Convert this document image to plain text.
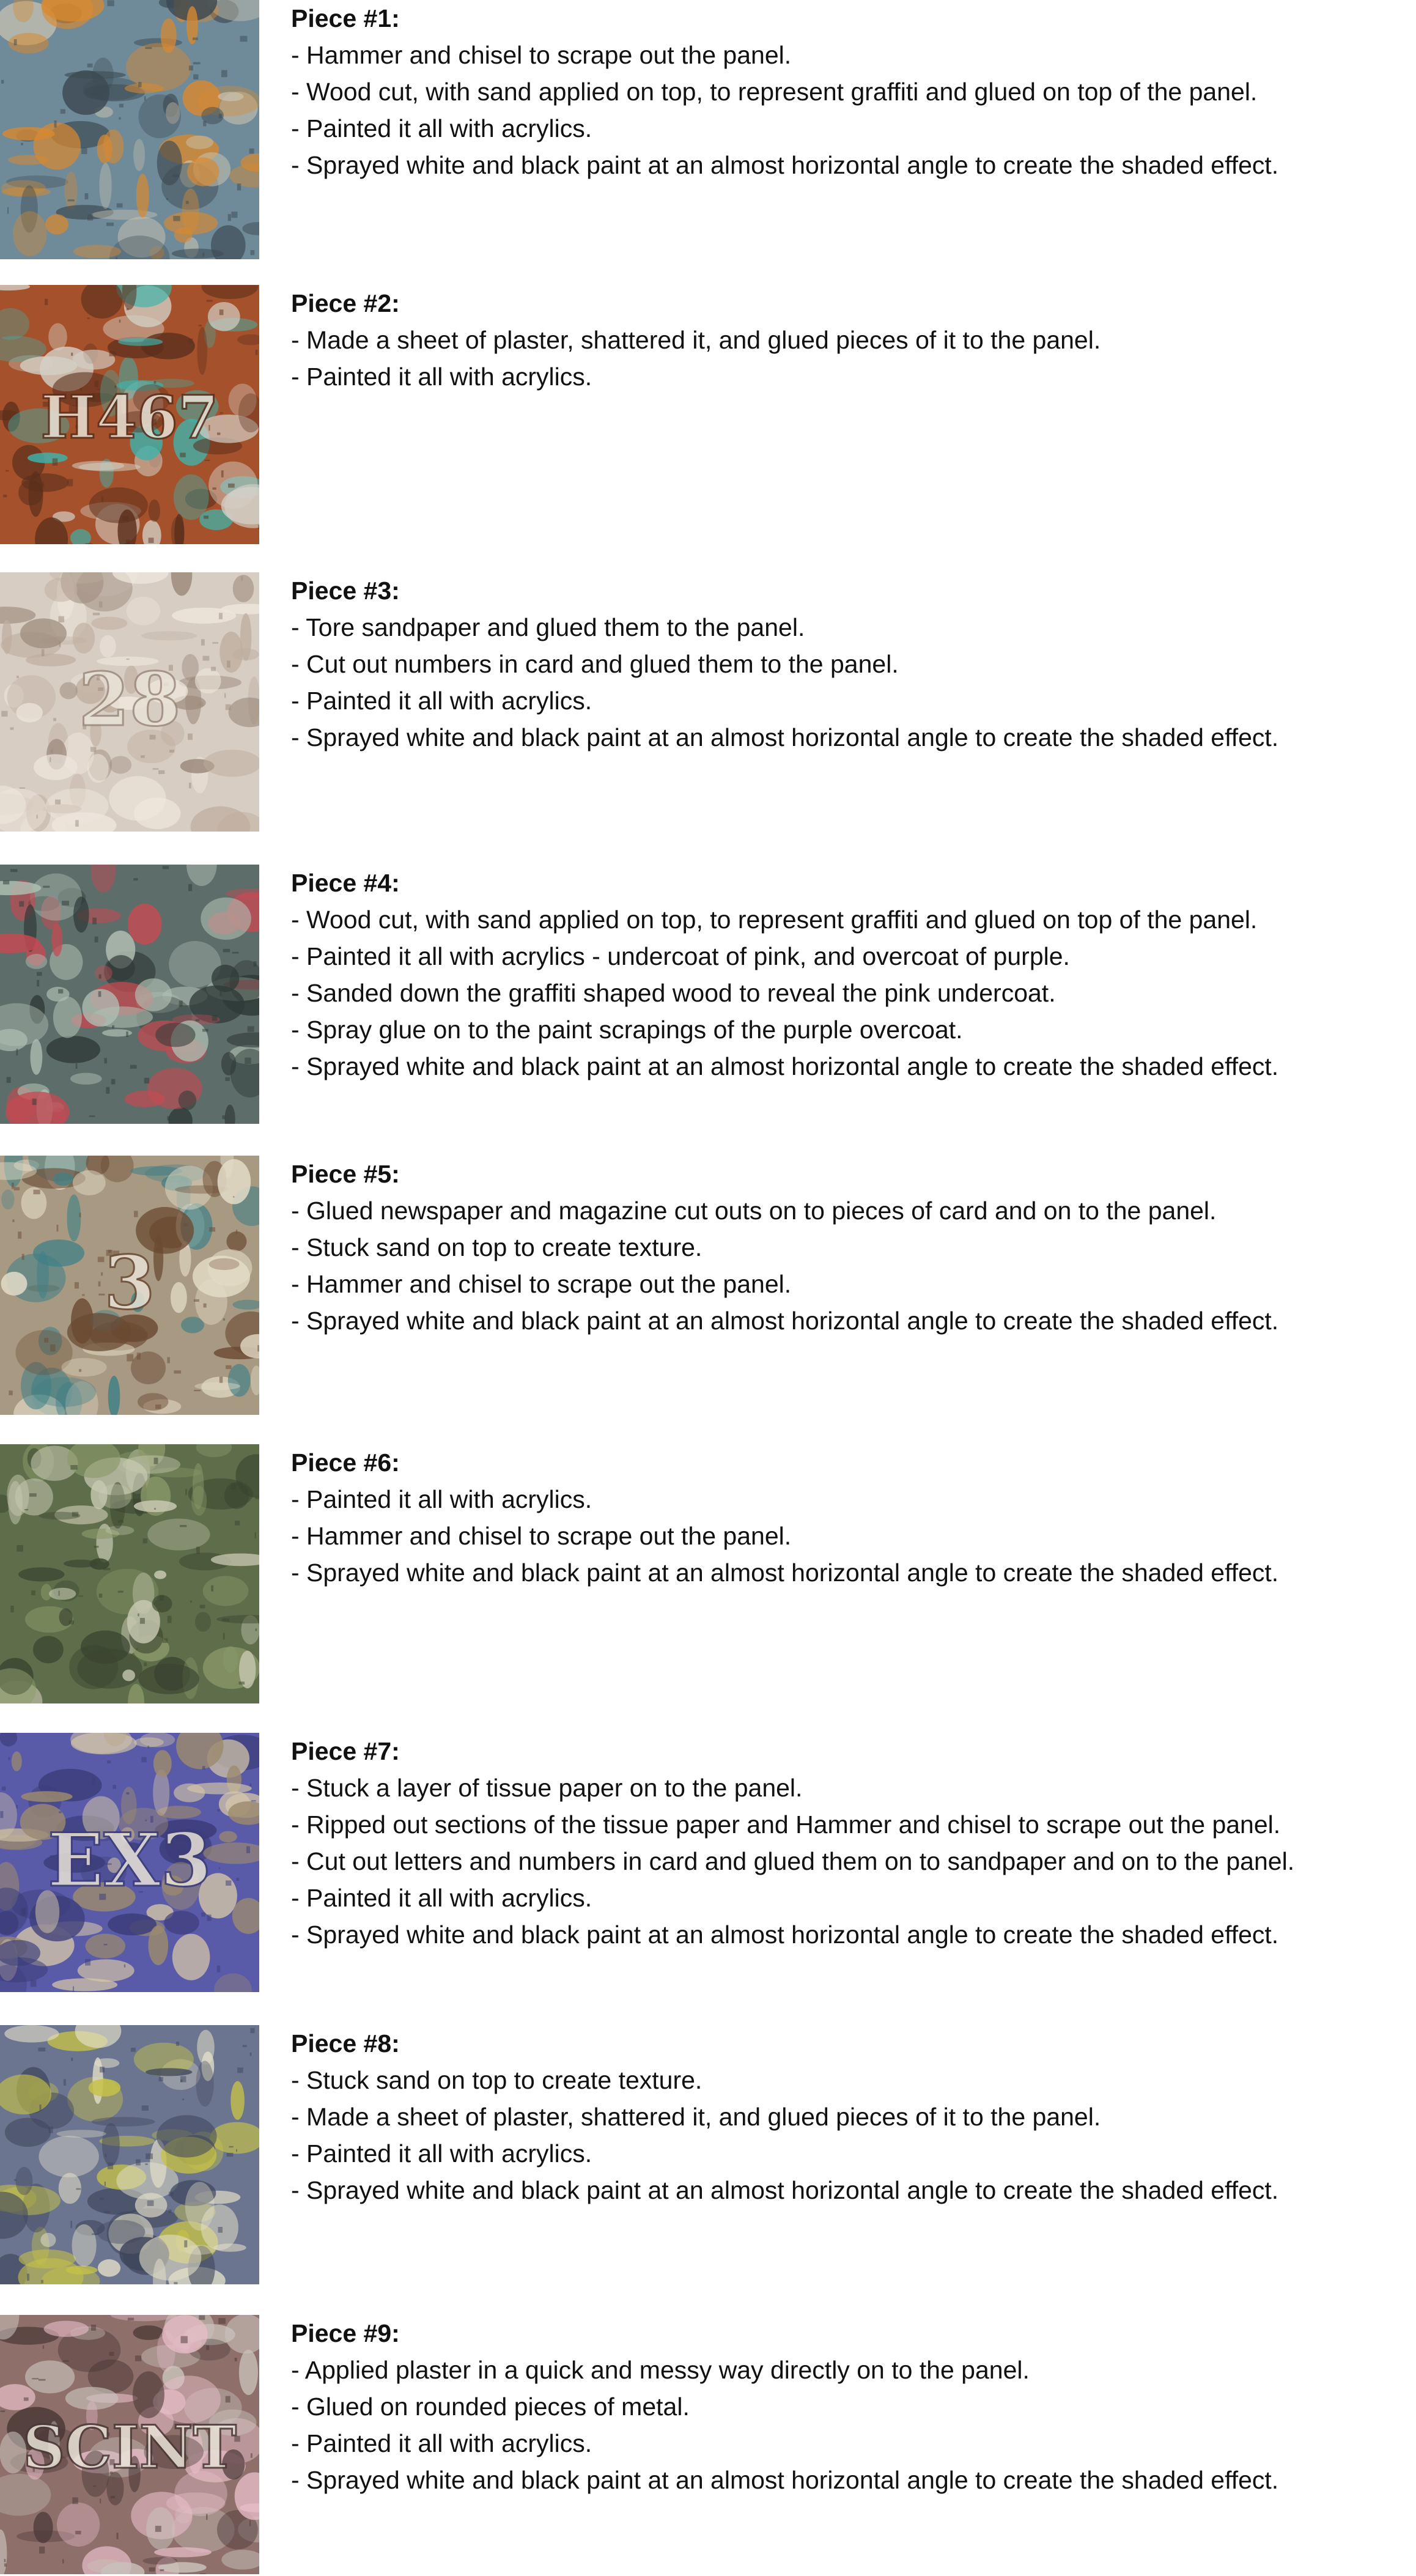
Piece #1:

- Hammer and chisel to scrape out the panel.

- Wood cut, with sand applied on top, to represent graffiti and glued on top of the panel.

- Painted it all with acrylics.

- Sprayed white and black paint at an almost horizontal angle to create the shaded effect.

H467

Piece #2:

- Made a sheet of plaster, shattered it, and glued pieces of it to the panel.

- Painted it all with acrylics.

28

Piece #3:

- Tore sandpaper and glued them to the panel.

- Cut out numbers in card and glued them to the panel.

- Painted it all with acrylics.

- Sprayed white and black paint at an almost horizontal angle to create the shaded effect.

Piece #4:

- Wood cut, with sand applied on top, to represent graffiti and glued on top of the panel.

- Painted it all with acrylics - undercoat of pink, and overcoat of purple.

- Sanded down the graffiti shaped wood to reveal the pink undercoat.

- Spray glue on to the paint scrapings of the purple overcoat.

- Sprayed white and black paint at an almost horizontal angle to create the shaded effect.

3

Piece #5:

- Glued newspaper and magazine cut outs on to pieces of card and on to the panel.

- Stuck sand on top to create texture.

- Hammer and chisel to scrape out the panel.

- Sprayed white and black paint at an almost horizontal angle to create the shaded effect.

Piece #6:

- Painted it all with acrylics.

- Hammer and chisel to scrape out the panel.

- Sprayed white and black paint at an almost horizontal angle to create the shaded effect.

EX3

Piece #7:

- Stuck a layer of tissue paper on to the panel.

- Ripped out sections of the tissue paper and Hammer and chisel to scrape out the panel.

- Cut out letters and numbers in card and glued them on to sandpaper and on to the panel.

- Painted it all with acrylics.

- Sprayed white and black paint at an almost horizontal angle to create the shaded effect.

Piece #8:

- Stuck sand on top to create texture.

- Made a sheet of plaster, shattered it, and glued pieces of it to the panel.

- Painted it all with acrylics.

- Sprayed white and black paint at an almost horizontal angle to create the shaded effect.

SCINT

Piece #9:

- Applied plaster in a quick and messy way directly on to the panel.

- Glued on rounded pieces of metal.

- Painted it all with acrylics.

- Sprayed white and black paint at an almost horizontal angle to create the shaded effect.
